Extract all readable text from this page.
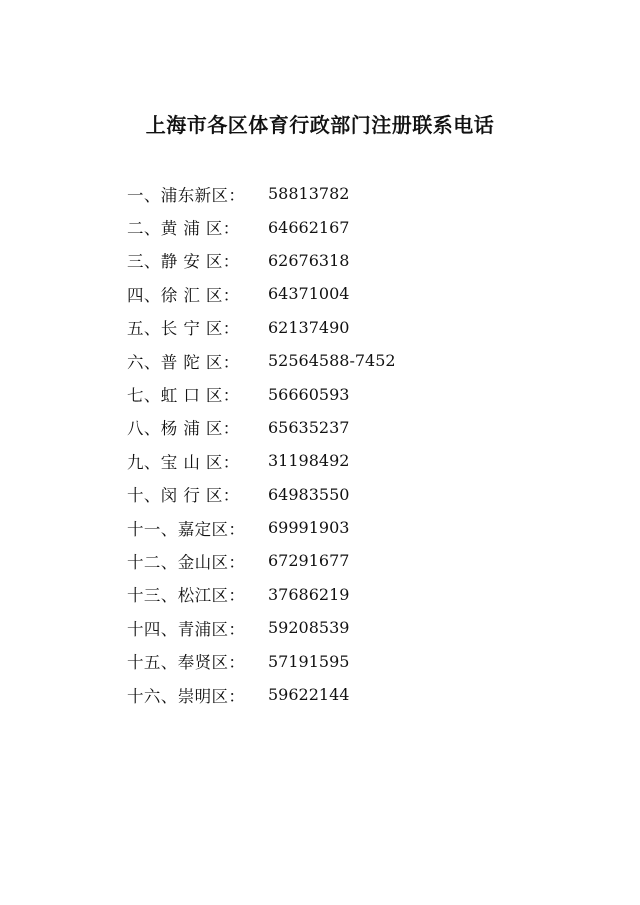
上海市各区体育行政部门注册联系电话
一、浦东新区：	58813782
二、黄 浦 区：	64662167
三、静 安 区：	62676318
四、徐 汇 区：	64371004
五、长 宁 区：	62137490
六、普 陀 区：	52564588-7452
七、虹 口 区：	56660593
八、杨 浦 区：	65635237
九、宝 山 区：	31198492
十、闵 行 区：	64983550
十一、嘉定区：	69991903
十二、金山区：	67291677
十三、松江区：	37686219
十四、青浦区：	59208539
十五、奉贤区：	57191595
十六、崇明区：	59622144
